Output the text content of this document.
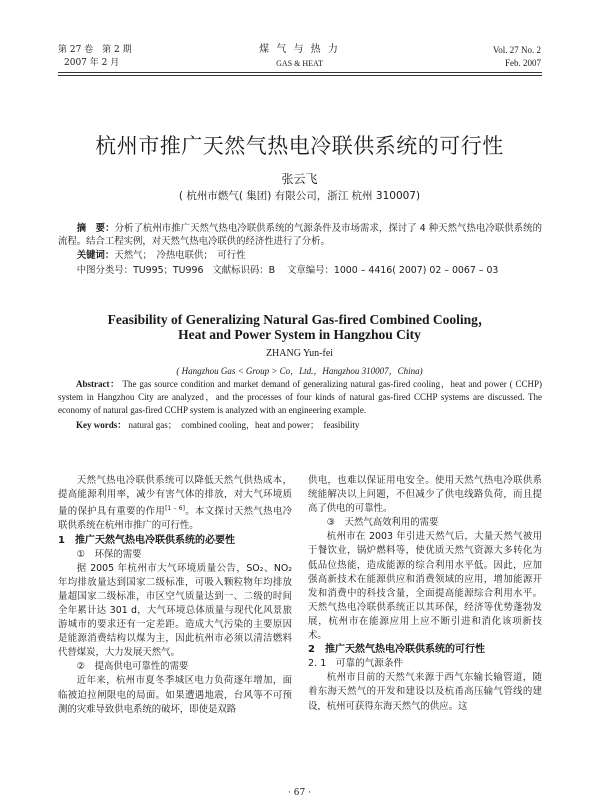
第 27 卷　第 2 期
2007 年 2 月
煤 气 与 热 力
GAS & HEAT
Vol. 27 No. 2
Feb. 2007
杭州市推广天然气热电冷联供系统的可行性
张云飞
( 杭州市燃气( 集团) 有限公司，浙江 杭州 310007)
摘　要：分析了杭州市推广天然气热电冷联供系统的气源条件及市场需求，探讨了 4 种天然气热电冷联供系统的流程。结合工程实例，对天然气热电冷联供的经济性进行了分析。
关键词：天然气；　冷热电联供；　可行性
中图分类号：TU995；TU996 文献标识码：B 文章编号：1000 – 4416( 2007) 02 – 0067 – 03
Feasibility of Generalizing Natural Gas-fired Combined Cooling，
Heat and Power System in Hangzhou City
ZHANG Yun-fei
( Hangzhou Gas < Group > Co，Ltd.，Hangzhou 310007，China)
Abstract： The gas source condition and market demand of generalizing natural gas-fired cooling，heat and power ( CCHP) system in Hangzhou City are analyzed，and the processes of four kinds of natural gas-fired CCHP systems are discussed. The economy of natural gas-fired CCHP system is analyzed with an engineering example.
Key words： natural gas；　combined cooling，heat and power；　feasibility

天然气热电冷联供系统可以降低天然气供热成本，提高能源利用率，减少有害气体的排放，对大气环境质量的保护具有重要的作用[1 – 6]。本文探讨天然气热电冷联供系统在杭州市推广的可行性。

1　推广天然气热电冷联供系统的必要性

①　环保的需要

据 2005 年杭州市大气环境质量公告，SO₂、NO₂ 年均排放量达到国家二级标准，可吸入颗粒物年均排放量超国家二级标准，市区空气质量达到一、二级的时间全年累计达 301 d，大气环境总体质量与现代化风景旅游城市的要求还有一定差距。造成大气污染的主要原因是能源消费结构以煤为主，因此杭州市必须以清洁燃料代替煤炭，大力发展天然气。

②　提高供电可靠性的需要

近年来，杭州市夏冬季城区电力负荷逐年增加，面临被迫拉闸限电的局面。如果遭遇地震，台风等不可预测的灾难导致供电系统的破坏，即使是双路

供电，也难以保证用电安全。使用天然气热电冷联供系统能解决以上问题，不但减少了供电线路负荷，而且提高了供电的可靠性。

③　天然气高效利用的需要

杭州市在 2003 年引进天然气后，大量天然气被用于餐饮业，锅炉燃料等，使优质天然气资源大多转化为低品位热能，造成能源的综合利用水平低。因此，应加强高新技术在能源供应和消费领域的应用，增加能源开发和消费中的科技含量，全面提高能源综合利用水平。天然气热电冷联供系统正以其环保，经济等优势蓬勃发展，杭州市在能源应用上应不断引进和消化该项新技术。

2　推广天然气热电冷联供系统的可行性

2. 1　可靠的气源条件

杭州市目前的天然气来源于西气东输长输管道，随着东海天然气的开发和建设以及杭甬高压输气管线的建设，杭州可获得东海天然气的供应。这

· 67 ·
